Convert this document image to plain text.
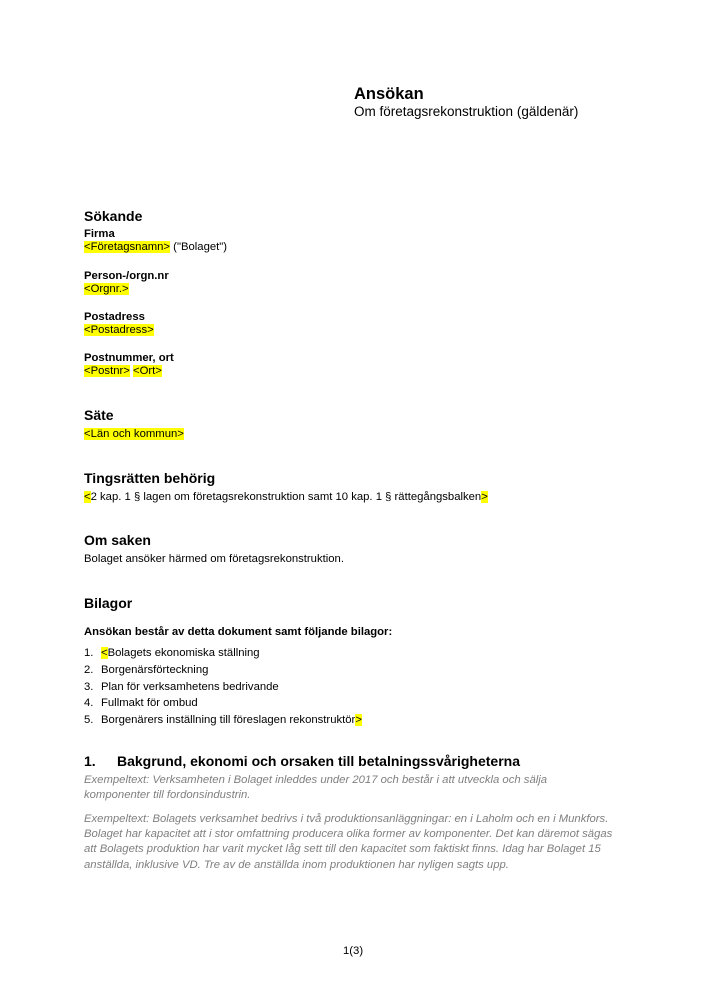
Ansökan
Om företagsrekonstruktion (gäldenär)
Sökande
Firma
<Företagsnamn> ("Bolaget")
Person-/orgn.nr
<Orgnr.>
Postadress
<Postadress>
Postnummer, ort
<Postnr> <Ort>
Säte
<Län och kommun>
Tingsrätten behörig
<2 kap. 1 § lagen om företagsrekonstruktion samt 10 kap. 1 § rättegångsbalken>
Om saken
Bolaget ansöker härmed om företagsrekonstruktion.
Bilagor
Ansökan består av detta dokument samt följande bilagor:
1. <Bolagets ekonomiska ställning
2. Borgenärsförteckning
3. Plan för verksamhetens bedrivande
4. Fullmakt för ombud
5. Borgenärers inställning till föreslagen rekonstruktör>
1. Bakgrund, ekonomi och orsaken till betalningssvårigheterna
Exempeltext: Verksamheten i Bolaget inleddes under 2017 och består i att utveckla och sälja komponenter till fordonsindustrin.
Exempeltext: Bolagets verksamhet bedrivs i två produktionsanläggningar: en i Laholm och en i Munkfors. Bolaget har kapacitet att i stor omfattning producera olika former av komponenter. Det kan däremot sägas att Bolagets produktion har varit mycket låg sett till den kapacitet som faktiskt finns. Idag har Bolaget 15 anställda, inklusive VD. Tre av de anställda inom produktionen har nyligen sagts upp.
1(3)
